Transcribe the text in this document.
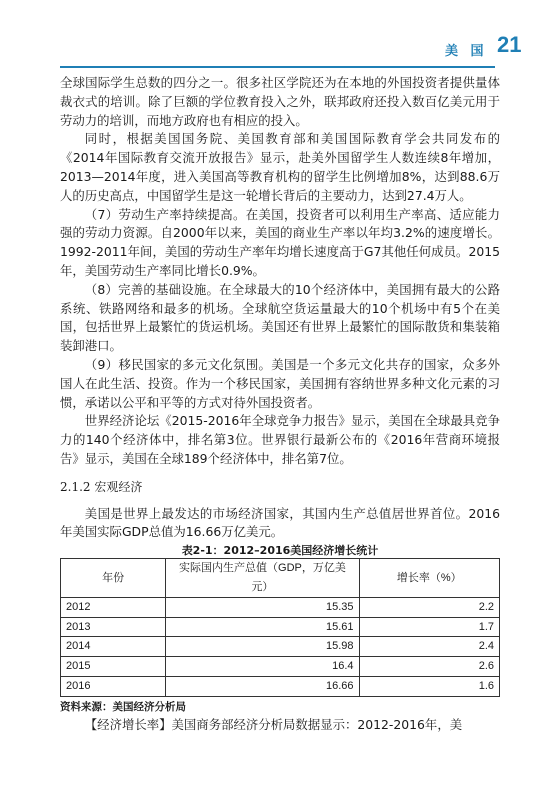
美 国 21

全球国际学生总数的四分之一。很多社区学院还为在本地的外国投资者提供量体裁衣式的培训。除了巨额的学位教育投入之外，联邦政府还投入数百亿美元用于劳动力的培训，而地方政府也有相应的投入。

同时，根据美国国务院、美国教育部和美国国际教育学会共同发布的《2014年国际教育交流开放报告》显示，赴美外国留学生人数连续8年增加，2013—2014年度，进入美国高等教育机构的留学生比例增加8%，达到88.6万人的历史高点，中国留学生是这一轮增长背后的主要动力，达到27.4万人。

（7）劳动生产率持续提高。在美国，投资者可以利用生产率高、适应能力强的劳动力资源。自2000年以来，美国的商业生产率以年均3.2%的速度增长。1992-2011年间，美国的劳动生产率年均增长速度高于G7其他任何成员。2015年，美国劳动生产率同比增长0.9%。

（8）完善的基础设施。在全球最大的10个经济体中，美国拥有最大的公路系统、铁路网络和最多的机场。全球航空货运量最大的10个机场中有5个在美国，包括世界上最繁忙的货运机场。美国还有世界上最繁忙的国际散货和集装箱装卸港口。

（9）移民国家的多元文化氛围。美国是一个多元文化共存的国家，众多外国人在此生活、投资。作为一个移民国家，美国拥有容纳世界多种文化元素的习惯，承诺以公平和平等的方式对待外国投资者。

世界经济论坛《2015-2016年全球竞争力报告》显示，美国在全球最具竞争力的140个经济体中，排名第3位。世界银行最新公布的《2016年营商环境报告》显示，美国在全球189个经济体中，排名第7位。

2.1.2 宏观经济

美国是世界上最发达的市场经济国家，其国内生产总值居世界首位。2016年美国实际GDP总值为16.66万亿美元。

表2-1：2012–2016美国经济增长统计
年份	实际国内生产总值（GDP，万亿美元）	增长率（%）
2012	15.35	2.2
2013	15.61	1.7
2014	15.98	2.4
2015	16.4	2.6
2016	16.66	1.6
资料来源：美国经济分析局

【经济增长率】美国商务部经济分析局数据显示：2012-2016年，美
